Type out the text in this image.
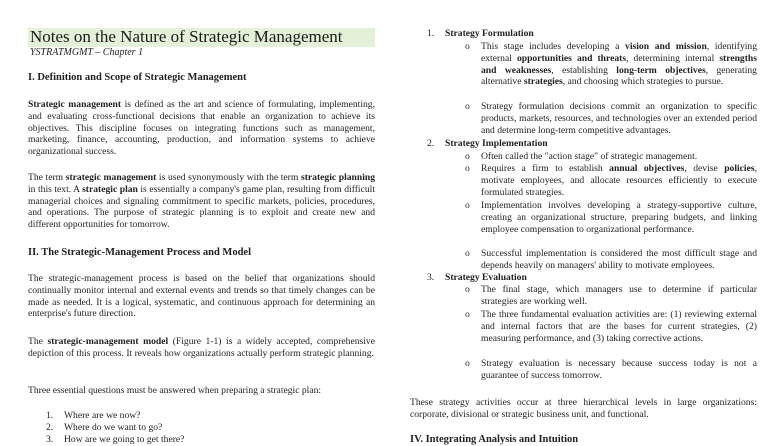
Notes on the Nature of Strategic Management
YSTRATMGMT – Chapter 1
I. Definition and Scope of Strategic Management
Strategic management is defined as the art and science of formulating, implementing, and evaluating cross-functional decisions that enable an organization to achieve its objectives. This discipline focuses on integrating functions such as management, marketing, finance, accounting, production, and information systems to achieve organizational success.
The term strategic management is used synonymously with the term strategic planning in this text. A strategic plan is essentially a company's game plan, resulting from difficult managerial choices and signaling commitment to specific markets, policies, procedures, and operations. The purpose of strategic planning is to exploit and create new and different opportunities for tomorrow.
II. The Strategic-Management Process and Model
The strategic-management process is based on the belief that organizations should continually monitor internal and external events and trends so that timely changes can be made as needed. It is a logical, systematic, and continuous approach for determining an enterprise's future direction.
The strategic-management model (Figure 1-1) is a widely accepted, comprehensive depiction of this process. It reveals how organizations actually perform strategic planning.
Three essential questions must be answered when preparing a strategic plan:
1. Where are we now?
2. Where do we want to go?
3. How are we going to get there?
1. Strategy Formulation
o This stage includes developing a vision and mission, identifying external opportunities and threats, determining internal strengths and weaknesses, establishing long-term objectives, generating alternative strategies, and choosing which strategies to pursue.
o Strategy formulation decisions commit an organization to specific products, markets, resources, and technologies over an extended period and determine long-term competitive advantages.
2. Strategy Implementation
o Often called the "action stage" of strategic management.
o Requires a firm to establish annual objectives, devise policies, motivate employees, and allocate resources efficiently to execute formulated strategies.
o Implementation involves developing a strategy-supportive culture, creating an organizational structure, preparing budgets, and linking employee compensation to organizational performance.
o Successful implementation is considered the most difficult stage and depends heavily on managers' ability to motivate employees.
3. Strategy Evaluation
o The final stage, which managers use to determine if particular strategies are working well.
o The three fundamental evaluation activities are: (1) reviewing external and internal factors that are the bases for current strategies, (2) measuring performance, and (3) taking corrective actions.
o Strategy evaluation is necessary because success today is not a guarantee of success tomorrow.
These strategy activities occur at three hierarchical levels in large organizations: corporate, divisional or strategic business unit, and functional.
IV. Integrating Analysis and Intuition
